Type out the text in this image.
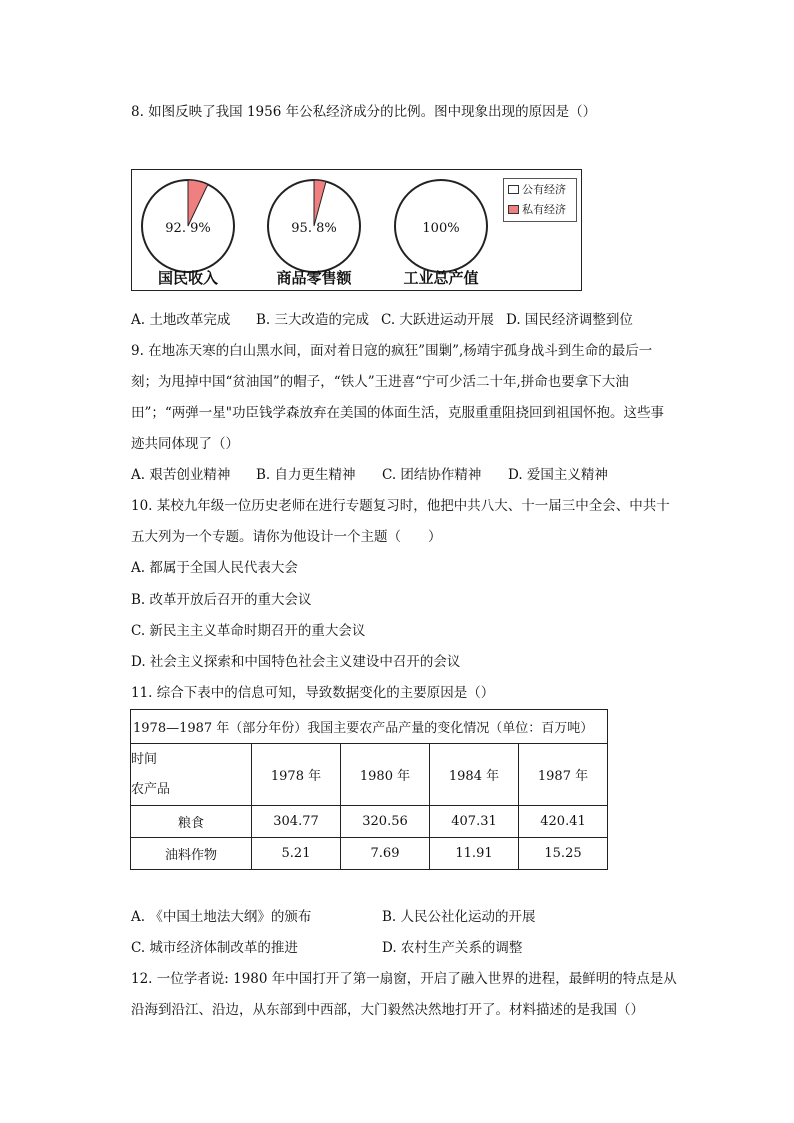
8. 如图反映了我国 1956 年公私经济成分的比例。图中现象出现的原因是（）
92. 9%	95. 8%	100%
国民收入	商品零售额	工业总产值
公有经济
私有经济
A. 土地改革完成 B. 三大改造的完成 C. 大跃进运动开展 D. 国民经济调整到位
9. 在地冻天寒的白山黑水间，面对着日寇的疯狂”围剿”,杨靖宇孤身战斗到生命的最后一
刻；为甩掉中国“贫油国”的帽子，“铁人”王进喜“宁可少活二十年,拼命也要拿下大油
田”；“两弹一星"功臣钱学森放弃在美国的体面生活，克服重重阻挠回到祖国怀抱。这些事
迹共同体现了（）
A. 艰苦创业精神 B. 自力更生精神 C. 团结协作精神 D. 爱国主义精神
10. 某校九年级一位历史老师在进行专题复习时，他把中共八大、十一届三中全会、中共十
五大列为一个专题。请你为他设计一个主题（　　）
A. 都属于全国人民代表大会
B. 改革开放后召开的重大会议
C. 新民主主义革命时期召开的重大会议
D. 社会主义探索和中国特色社会主义建设中召开的会议
11. 综合下表中的信息可知，导致数据变化的主要原因是（）
1978—1987 年（部分年份）我国主要农产品产量的变化情况（单位：百万吨）				

时间
农产品	1978 年	1980 年	1984 年	1987 年
粮食	304.77	320.56	407.31	420.41
油料作物	5.21	7.69	11.91	15.25
A. 《中国土地法大纲》的颁布	B. 人民公社化运动的开展
C. 城市经济体制改革的推进	D. 农村生产关系的调整
12. 一位学者说: 1980 年中国打开了第一扇窗，开启了融入世界的进程，最鲜明的特点是从
沿海到沿江、沿边，从东部到中西部，大门毅然决然地打开了。材料描述的是我国（）
